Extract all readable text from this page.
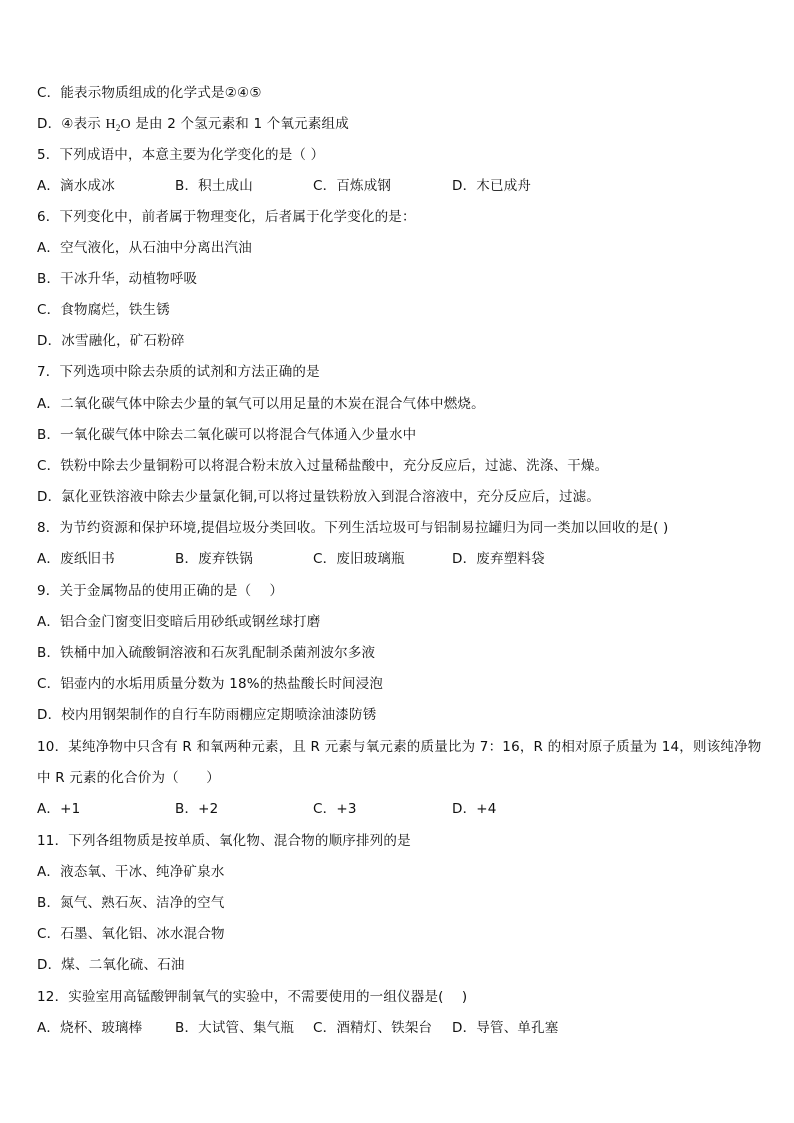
C．能表示物质组成的化学式是②④⑤
D．④表示 $H_2O$ 是由 2 个氢元素和 1 个氧元素组成
5．下列成语中，本意主要为化学变化的是（ ）
A．滴水成冰	B．积土成山	C．百炼成钢	D．木已成舟
6．下列变化中，前者属于物理变化，后者属于化学变化的是：
A．空气液化，从石油中分离出汽油
B．干冰升华，动植物呼吸
C．食物腐烂，铁生锈
D．冰雪融化，矿石粉碎
7．下列选项中除去杂质的试剂和方法正确的是
A．二氧化碳气体中除去少量的氧气可以用足量的木炭在混合气体中燃烧。
B．一氧化碳气体中除去二氧化碳可以将混合气体通入少量水中
C．铁粉中除去少量铜粉可以将混合粉末放入过量稀盐酸中，充分反应后，过滤、洗涤、干燥。
D．氯化亚铁溶液中除去少量氯化铜,可以将过量铁粉放入到混合溶液中，充分反应后，过滤。
8．为节约资源和保护环境,提倡垃圾分类回收。下列生活垃圾可与铝制易拉罐归为同一类加以回收的是( )
A．废纸旧书	B．废弃铁锅	C．废旧玻璃瓶	D．废弃塑料袋
9．关于金属物品的使用正确的是（　 ）
A．铝合金门窗变旧变暗后用砂纸或钢丝球打磨
B．铁桶中加入硫酸铜溶液和石灰乳配制杀菌剂波尔多液
C．铝壶内的水垢用质量分数为 18%的热盐酸长时间浸泡
D．校内用钢架制作的自行车防雨棚应定期喷涂油漆防锈
10．某纯净物中只含有 R 和氧两种元素，且 R 元素与氧元素的质量比为 7：16，R 的相对原子质量为 14，则该纯净物
中 R 元素的化合价为（　　）
A．+1	B．+2	C．+3	D．+4
11．下列各组物质是按单质、氧化物、混合物的顺序排列的是
A．液态氧、干冰、纯净矿泉水
B．氮气、熟石灰、洁净的空气
C．石墨、氧化铝、冰水混合物
D．煤、二氧化硫、石油
12．实验室用高锰酸钾制氧气的实验中，不需要使用的一组仪器是(　 )
A．烧杯、玻璃棒 B．大试管、集气瓶 C．酒精灯、铁架台 D．导管、单孔塞
